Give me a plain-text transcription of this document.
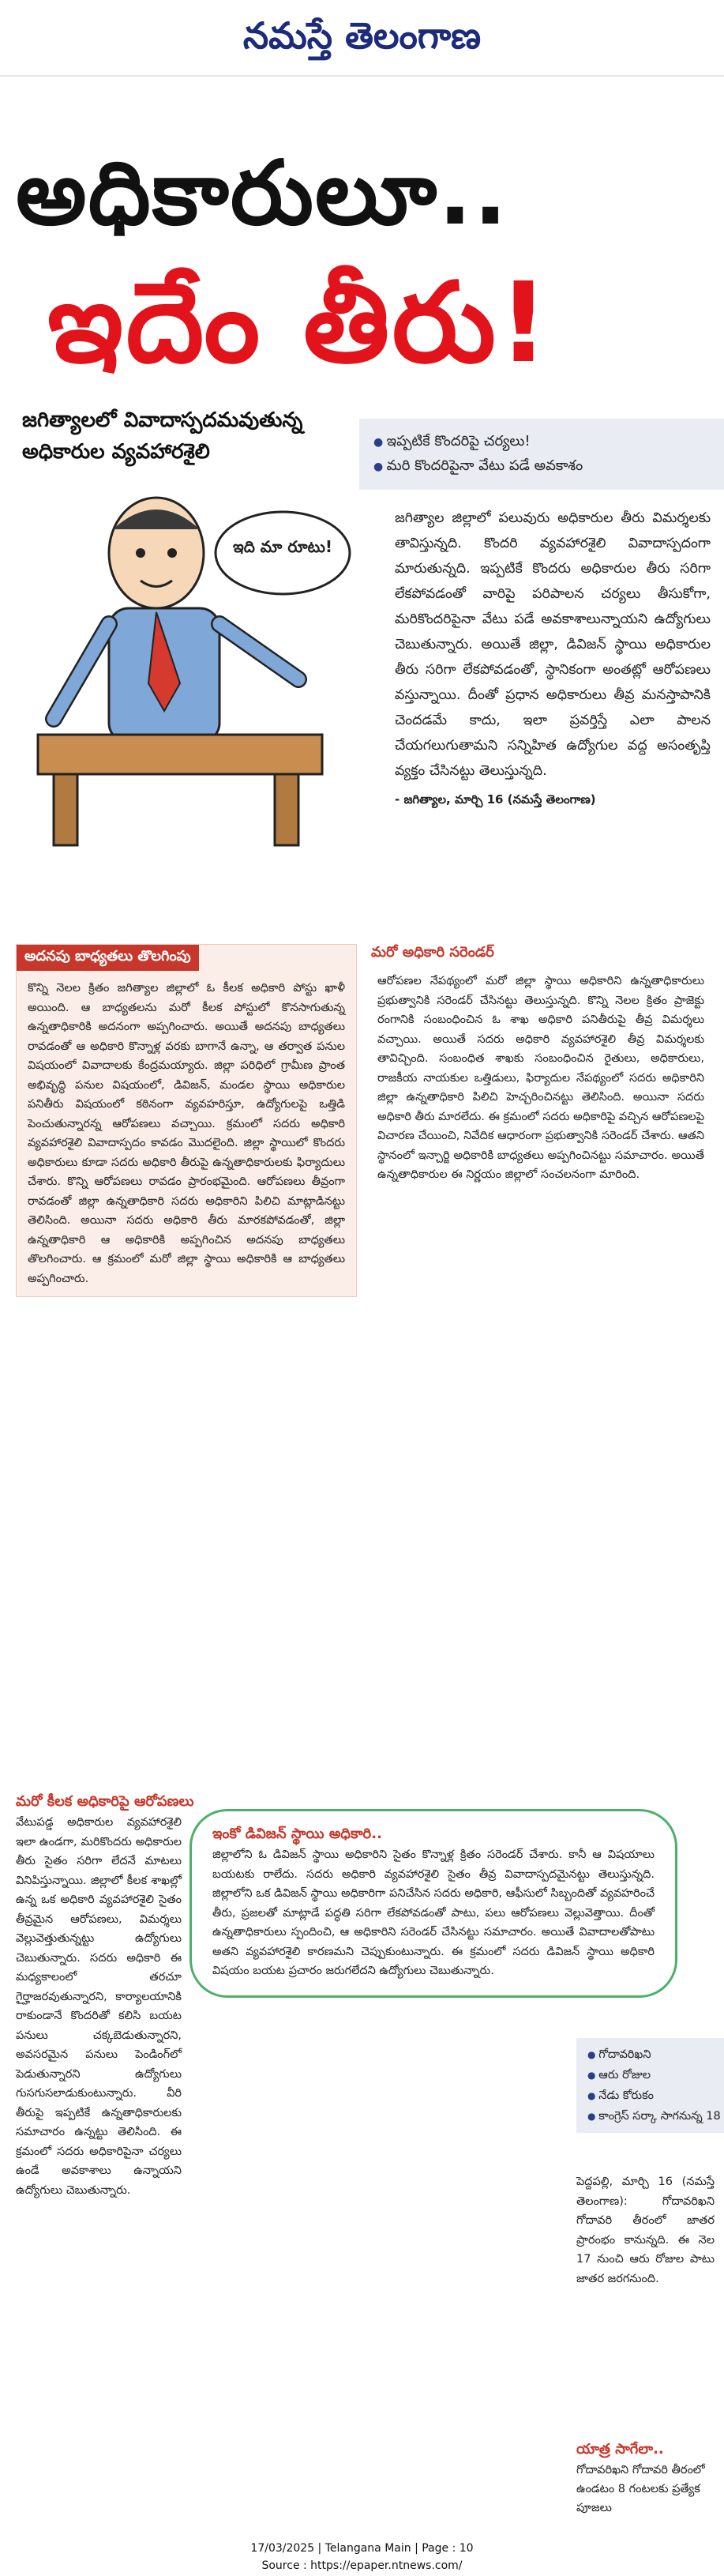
నమస్తే తెలంగాణ
అధికారులూ..
ఇదేం తీరు!
జగిత్యాలలో వివాదాస్పదమవుతున్న అధికారుల వ్యవహారశైలి
●	ఇప్పటికే కొందరిపై చర్యలు!
● మరి కొందరిపైనా వేటు పడే అవకాశం
ఇది మా రూటు!
జగిత్యాల జిల్లాలో పలువురు అధికారుల తీరు విమర్శలకు తావిస్తున్నది. కొందరి వ్యవహారశైలి వివాదాస్పదంగా మారుతున్నది. ఇప్పటికే కొందరు అధికారుల తీరు సరిగా లేకపోవడంతో వారిపై పరిపాలన చర్యలు తీసుకోగా, మరికొందరిపైనా వేటు పడే అవకాశాలున్నాయని ఉద్యోగులు చెబుతున్నారు. అయితే జిల్లా, డివిజన్ స్థాయి అధికారుల తీరు సరిగా లేకపోవడంతో, స్థానికంగా అంతట్లో ఆరోపణలు వస్తున్నాయి. దీంతో ప్రధాన అధికారులు తీవ్ర మనస్తాపానికి చెందడమే కాదు, ఇలా ప్రవర్తిస్తే ఎలా పాలన చేయగలుగుతామని సన్నిహిత ఉద్యోగుల వద్ద అసంతృప్తి వ్యక్తం చేసినట్టు తెలుస్తున్నది.
- జగిత్యాల, మార్చి 16 (నమస్తే తెలంగాణ)
అదనపు బాధ్యతలు తొలగింపు
కొన్ని నెలల క్రితం జగిత్యాల జిల్లాలో ఓ కీలక అధికారి పోస్టు ఖాళీ అయింది. ఆ బాధ్యతలను మరో కీలక పోస్టులో కొనసాగుతున్న ఉన్నతాధికారికి అదనంగా అప్పగించారు. అయితే అదనపు బాధ్యతలు రావడంతో ఆ అధికారి కొన్నాళ్ల వరకు బాగానే ఉన్నా, ఆ తర్వాత పనుల విషయంలో వివాదాలకు కేంద్రమయ్యారు. జిల్లా పరిధిలో గ్రామీణ ప్రాంత అభివృద్ధి పనుల విషయంలో, డివిజన్, మండల స్థాయి అధికారుల పనితీరు విషయంలో కఠినంగా వ్యవహరిస్తూ, ఉద్యోగులపై ఒత్తిడి పెంచుతున్నారన్న ఆరోపణలు వచ్చాయి. క్రమంలో సదరు అధికారి వ్యవహారశైలి వివాదాస్పదం కావడం మొదలైంది. జిల్లా స్థాయిలో కొందరు అధికారులు కూడా సదరు అధికారి తీరుపై ఉన్నతాధికారులకు ఫిర్యాదులు చేశారు. కొన్ని ఆరోపణలు రావడం ప్రారంభమైంది. ఆరోపణలు తీవ్రంగా రావడంతో జిల్లా ఉన్నతాధికారి సదరు అధికారిని పిలిచి మాట్లాడినట్టు తెలిసింది. అయినా సదరు అధికారి తీరు మారకపోవడంతో, జిల్లా ఉన్నతాధికారి ఆ అధికారికి అప్పగించిన అదనపు బాధ్యతలు తొలగించారు. ఆ క్రమంలో మరో జిల్లా స్థాయి అధికారికి ఆ బాధ్యతలు అప్పగించారు.
మరో అధికారి సరెండర్
ఆరోపణల నేపథ్యంలో మరో జిల్లా స్థాయి అధికారిని ఉన్నతాధికారులు ప్రభుత్వానికి సరెండర్ చేసినట్టు తెలుస్తున్నది. కొన్ని నెలల క్రితం ప్రాజెక్టు రంగానికి సంబంధించిన ఓ శాఖ అధికారి పనితీరుపై తీవ్ర విమర్శలు వచ్చాయి. అయితే సదరు అధికారి వ్యవహారశైలి తీవ్ర విమర్శలకు తావిచ్చింది. సంబంధిత శాఖకు సంబంధించిన రైతులు, అధికారులు, రాజకీయ నాయకుల ఒత్తిడులు, ఫిర్యాదుల నేపథ్యంలో సదరు అధికారిని జిల్లా ఉన్నతాధికారి పిలిచి హెచ్చరించినట్టు తెలిసింది. అయినా సదరు అధికారి తీరు మారలేదు. ఈ క్రమంలో సదరు అధికారిపై వచ్చిన ఆరోపణలపై విచారణ చేయించి, నివేదిక ఆధారంగా ప్రభుత్వానికి సరెండర్ చేశారు. ఆతని స్థానంలో ఇన్చార్జి అధికారికి బాధ్యతలు అప్పగించినట్టు సమాచారం. అయితే ఉన్నతాధికారుల ఈ నిర్ణయం జిల్లాలో సంచలనంగా మారింది.
మరో కీలక అధికారిపై ఆరోపణలు
వేటుపడ్డ అధికారుల వ్యవహారశైలి ఇలా ఉండగా, మరికొందరు అధికారుల తీరు సైతం సరిగా లేదనే మాటలు వినిపిస్తున్నాయి. జిల్లాలో కీలక శాఖల్లో ఉన్న ఒక అధికారి వ్యవహారశైలి సైతం తీవ్రమైన ఆరోపణలు, విమర్శలు వెల్లువెత్తుతున్నట్టు ఉద్యోగులు చెబుతున్నారు. సదరు అధికారి ఈ మధ్యకాలంలో తరచూ గైర్హాజరవుతున్నారని, కార్యాలయానికి రాకుండానే కొందరితో కలిసి బయట పనులు చక్కబెడుతున్నారని, అవసరమైన పనులు పెండింగ్‌లో పెడుతున్నారని ఉద్యోగులు గుసగుసలాడుకుంటున్నారు. వీరి తీరుపై ఇప్పటికే ఉన్నతాధికారులకు సమాచారం ఉన్నట్టు తెలిసింది. ఈ క్రమంలో సదరు అధికారిపైనా చర్యలు ఉండే అవకాశాలు ఉన్నాయని ఉద్యోగులు చెబుతున్నారు.
ఇంకో డివిజన్ స్థాయి అధికారి..
జిల్లాలోని ఓ డివిజన్ స్థాయి అధికారిని సైతం కొన్నాళ్ల క్రితం సరెండర్ చేశారు. కానీ ఆ విషయాలు బయటకు రాలేదు. సదరు అధికారి వ్యవహారశైలి సైతం తీవ్ర వివాదాస్పదమైనట్టు తెలుస్తున్నది. జిల్లాలోని ఒక డివిజన్ స్థాయి అధికారిగా పనిచేసిన సదరు అధికారి, ఆఫీసులో సిబ్బందితో వ్యవహరించే తీరు, ప్రజలతో మాట్లాడే పద్ధతి సరిగా లేకపోవడంతో పాటు, పలు ఆరోపణలు వెల్లువెత్తాయి. దీంతో ఉన్నతాధికారులు స్పందించి, ఆ అధికారిని సరెండర్ చేసినట్టు సమాచారం. అయితే వివాదాలతోపాటు అతని వ్యవహారశైలి కారణమని చెప్పుకుంటున్నారు. ఈ క్రమంలో సదరు డివిజన్ స్థాయి అధికారి విషయం బయట ప్రచారం జరుగలేదని ఉద్యోగులు చెబుతున్నారు.
● గోదావరిఖని
● ఆరు రోజుల
● నేడు కోరుకం
● కాంగ్రెస్ సర్కా సాగనున్న 18
పెద్దపల్లి, మార్చి 16 (నమస్తే తెలంగాణ): గోదావరిఖని గోదావరి తీరంలో జాతర ప్రారంభం కానున్నది. ఈ నెల 17 నుంచి ఆరు రోజుల పాటు జాతర జరగనుంది.
యాత్ర సాగేలా..
గోదావరిఖని గోదావరి తీరంలో ఉండటం 8 గంటలకు ప్రత్యేక పూజలు
17/03/2025 | Telangana Main | Page : 10
Source : https://epaper.ntnews.com/
